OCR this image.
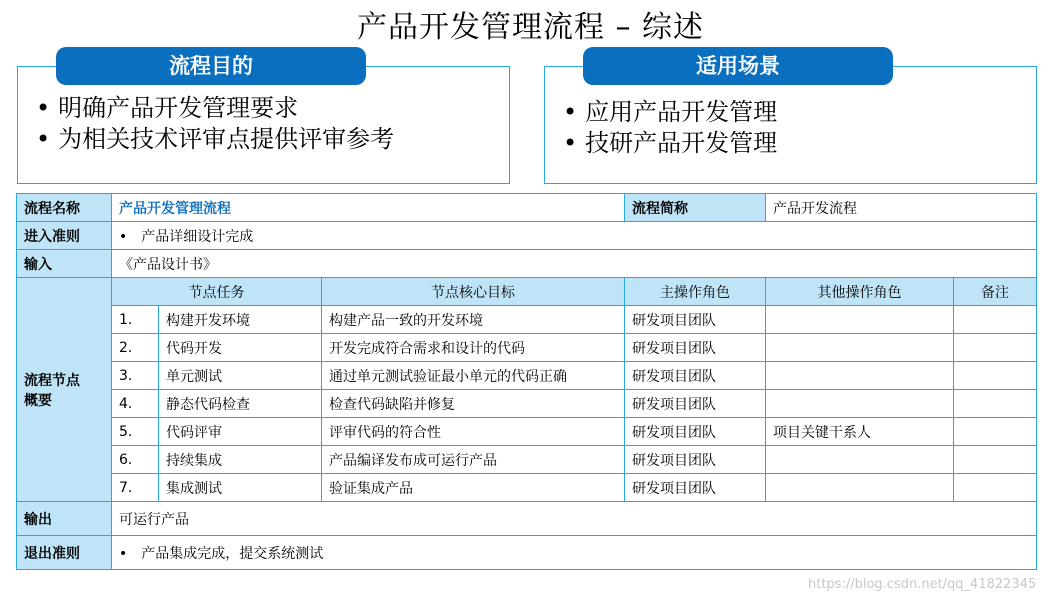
产品开发管理流程 – 综述
流程目的
• 明确产品开发管理要求
• 为相关技术评审点提供评审参考
适用场景
• 应用产品开发管理
• 技研产品开发管理
流程名称	产品开发管理流程			流程简称	产品开发流程	
进入准则	• 产品详细设计完成
输入	《产品设计书》					
流程节点
概要	节点任务		节点核心目标	主操作角色	其他操作角色	备注
	1.	构建开发环境	构建产品一致的开发环境	研发项目团队		
	2.	代码开发	开发完成符合需求和设计的代码	研发项目团队		
	3.	单元测试	通过单元测试验证最小单元的代码正确	研发项目团队		
	4.	静态代码检查	检查代码缺陷并修复	研发项目团队		
	5.	代码评审	评审代码的符合性	研发项目团队	项目关键干系人	
	6.	持续集成	产品编译发布成可运行产品	研发项目团队		
	7.	集成测试	验证集成产品	研发项目团队		
输出	可运行产品					
退出准则	• 产品集成完成，提交系统测试
https://blog.csdn.net/qq_41822345
